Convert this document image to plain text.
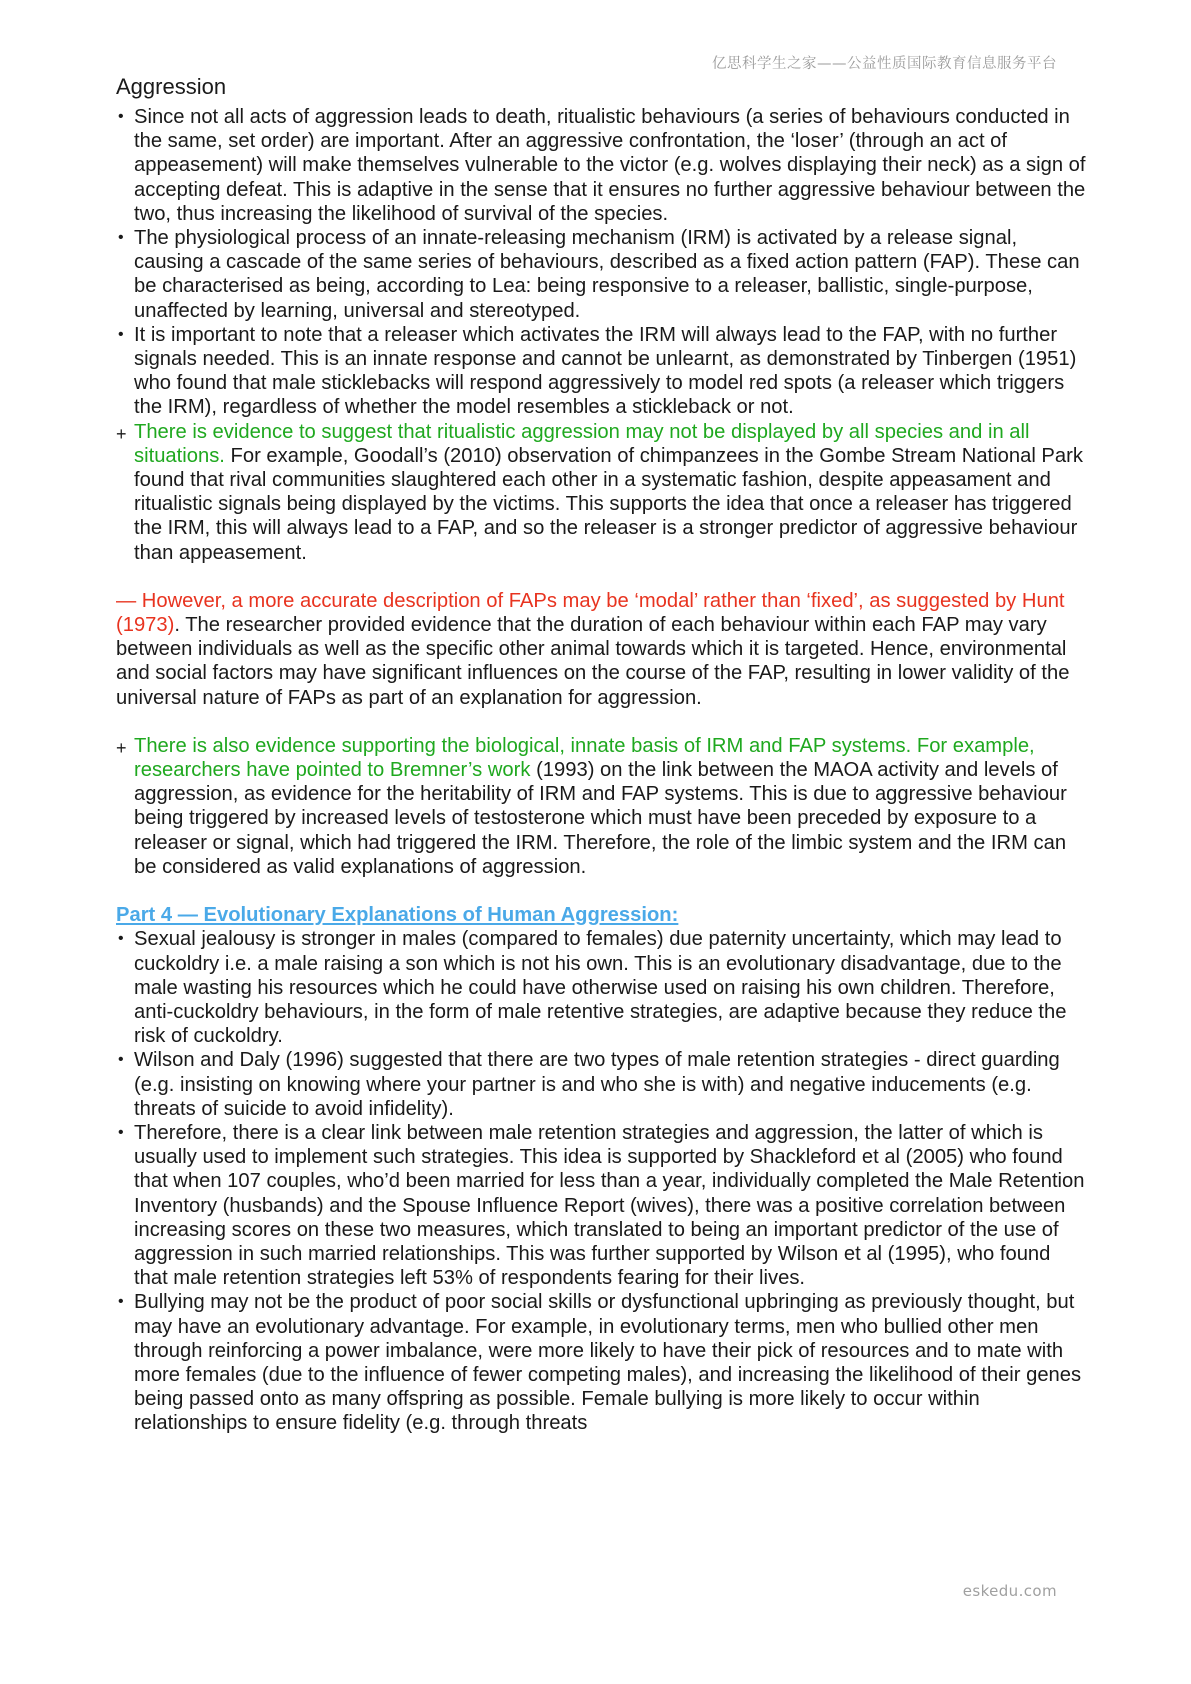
亿思科学生之家——公益性质国际教育信息服务平台
Aggression
• Since not all acts of aggression leads to death, ritualistic behaviours (a series of behaviours conducted in the same, set order) are important. After an aggressive confrontation, the ‘loser’ (through an act of appeasement) will make themselves vulnerable to the victor (e.g. wolves displaying their neck) as a sign of accepting defeat. This is adaptive in the sense that it ensures no further aggressive behaviour between the two, thus increasing the likelihood of survival of the species.
• The physiological process of an innate-releasing mechanism (IRM) is activated by a release signal, causing a cascade of the same series of behaviours, described as a fixed action pattern (FAP). These can be characterised as being, according to Lea: being responsive to a releaser, ballistic, single-purpose, unaffected by learning, universal and stereotyped.
• It is important to note that a releaser which activates the IRM will always lead to the FAP, with no further signals needed. This is an innate response and cannot be unlearnt, as demonstrated by Tinbergen (1951) who found that male sticklebacks will respond aggressively to model red spots (a releaser which triggers the IRM), regardless of whether the model resembles a stickleback or not.
+ There is evidence to suggest that ritualistic aggression may not be displayed by all species and in all situations. For example, Goodall’s (2010) observation of chimpanzees in the Gombe Stream National Park found that rival communities slaughtered each other in a systematic fashion, despite appeasament and ritualistic signals being displayed by the victims. This supports the idea that once a releaser has triggered the IRM, this will always lead to a FAP, and so the releaser is a stronger predictor of aggressive behaviour than appeasement.
— However, a more accurate description of FAPs may be ‘modal’ rather than ‘fixed’, as suggested by Hunt (1973). The researcher provided evidence that the duration of each behaviour within each FAP may vary between individuals as well as the specific other animal towards which it is targeted. Hence, environmental and social factors may have significant influences on the course of the FAP, resulting in lower validity of the universal nature of FAPs as part of an explanation for aggression.
+ There is also evidence supporting the biological, innate basis of IRM and FAP systems. For example, researchers have pointed to Bremner’s work (1993) on the link between the MAOA activity and levels of aggression, as evidence for the heritability of IRM and FAP systems. This is due to aggressive behaviour being triggered by increased levels of testosterone which must have been preceded by exposure to a releaser or signal, which had triggered the IRM. Therefore, the role of the limbic system and the IRM can be considered as valid explanations of aggression.
Part 4 — Evolutionary Explanations of Human Aggression:
• Sexual jealousy is stronger in males (compared to females) due paternity uncertainty, which may lead to cuckoldry i.e. a male raising a son which is not his own. This is an evolutionary disadvantage, due to the male wasting his resources which he could have otherwise used on raising his own children. Therefore, anti-cuckoldry behaviours, in the form of male retentive strategies, are adaptive because they reduce the risk of cuckoldry.
• Wilson and Daly (1996) suggested that there are two types of male retention strategies - direct guarding (e.g. insisting on knowing where your partner is and who she is with) and negative inducements (e.g. threats of suicide to avoid infidelity).
• Therefore, there is a clear link between male retention strategies and aggression, the latter of which is usually used to implement such strategies. This idea is supported by Shackleford et al (2005) who found that when 107 couples, who’d been married for less than a year, individually completed the Male Retention Inventory (husbands) and the Spouse Influence Report (wives), there was a positive correlation between increasing scores on these two measures, which translated to being an important predictor of the use of aggression in such married relationships. This was further supported by Wilson et al (1995), who found that male retention strategies left 53% of respondents fearing for their lives.
• Bullying may not be the product of poor social skills or dysfunctional upbringing as previously thought, but may have an evolutionary advantage. For example, in evolutionary terms, men who bullied other men through reinforcing a power imbalance, were more likely to have their pick of resources and to mate with more females (due to the influence of fewer competing males), and increasing the likelihood of their genes being passed onto as many offspring as possible. Female bullying is more likely to occur within relationships to ensure fidelity (e.g. through threats
eskedu.com
